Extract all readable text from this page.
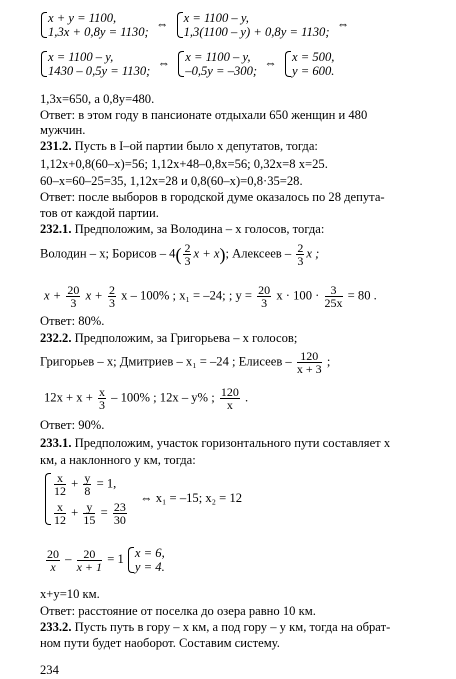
x + y = 1100,
1,3x + 0,8y = 1130;
⇔ x = 1100 – y,
1,3(1100 – y) + 0,8y = 1130;
⇔
x = 1100 – y,
1430 – 0,5y = 1130;
⇔ x = 1100 – y,
–0,5y = –300;
⇔ x = 500,
y = 600.
1,3x=650, а 0,8y=480.
Ответ: в этом году в пансионате отдыхали 650 женщин и 480
мужчин.
231.2. Пусть в I–ой партии было x депутатов, тогда:
1,12x+0,8(60–x)=56; 1,12x+48–0,8x=56; 0,32x=8 x=25.
60–x=60–25=35, 1,12x=28 и 0,8(60–x)=0,8·35=28.
Ответ: после выборов в городской думе оказалось по 28 депута-
тов от каждой партии.
232.1. Предположим, за Володина – x голосов, тогда:
Володин – x; Борисов – $4( \frac{2}{3}$ x + x); Алексеев – $\frac{2}{3}$ x ;
$x + \frac{20}{3}$ $x + \frac{2}{3}$ x – 100% ; x₁ = –24; ; $y = \frac{20}{3}$ $x \cdot 100 \cdot \frac{3}{25x} = 80$ .
Ответ: 80%.
232.2. Предположим, за Григорьева – x голосов;
Григорьев – x; Дмитриев – x₁ = –24 ; Елисеев – $\frac{120}{x + 3}$ ;
$12x + x + \frac{x}{3} - 100\%$ ; 12x – y% ; $\frac{120}{x}$ .
Ответ: 90%.
233.1. Предположим, участок горизонтального пути составляет x
км, а наклонного y км, тогда:
$\frac{x}{12} + \frac{y}{8} = 1$,
$\frac{x}{12} + \frac{y}{15} = \frac{23}{30}$
⇔ x₁ = –15; x₂ = 12
$\frac{20}{x} - \frac{20}{x + 1} = 1$ x = 6,
y = 4.
x+y=10 км.
Ответ: расстояние от поселка до озера равно 10 км.
233.2. Пусть путь в гору – x км, а под гору – y км, тогда на обрат-
ном пути будет наоборот. Составим систему.
234
